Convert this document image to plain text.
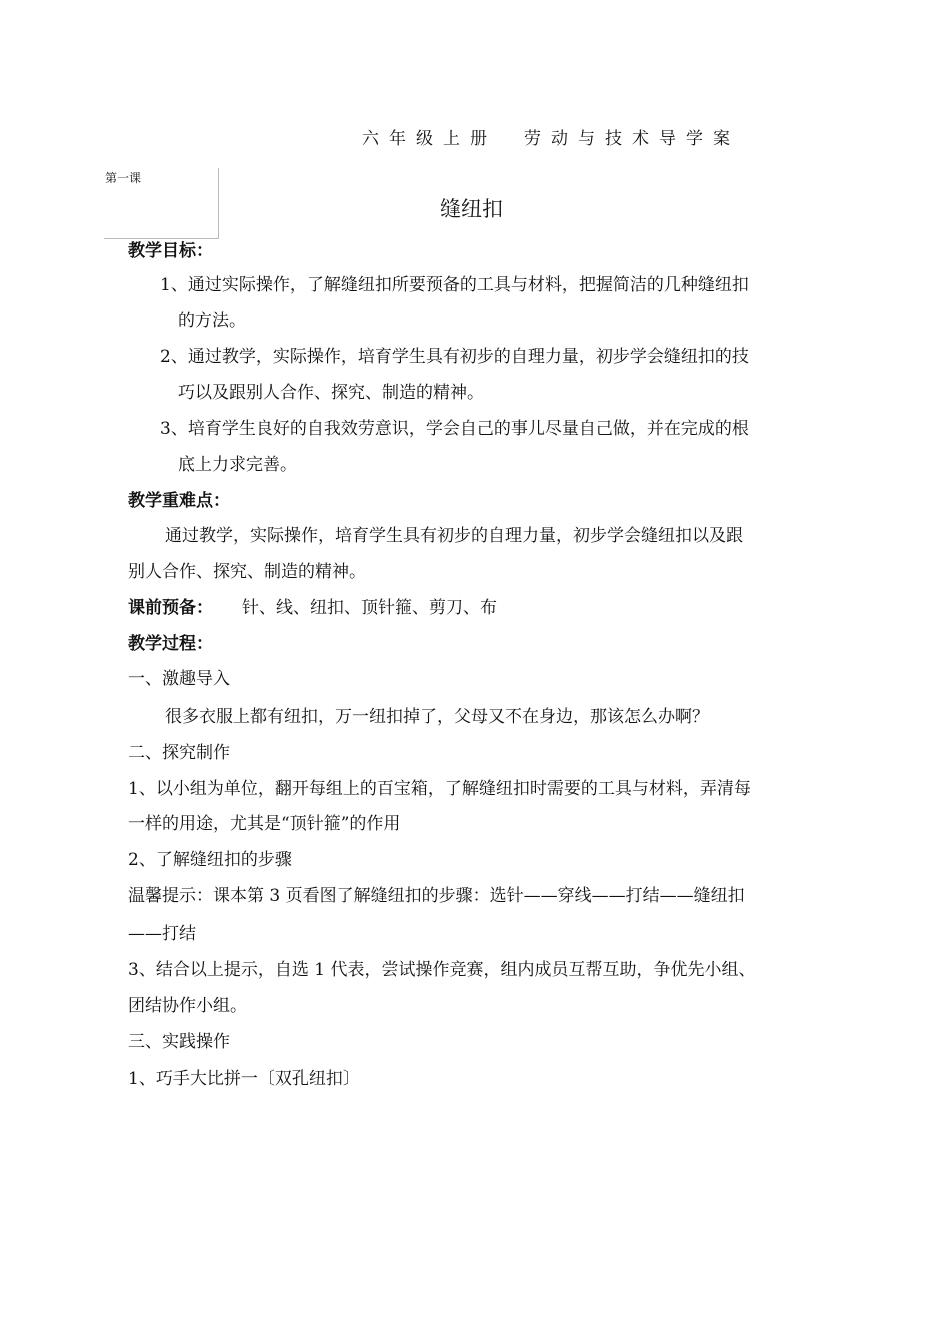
六年级上册　劳动与技术导学案
第一课
缝纽扣
教学目标：
1、通过实际操作，了解缝纽扣所要预备的工具与材料，把握简洁的几种缝纽扣
的方法。
2、通过教学，实际操作，培育学生具有初步的自理力量，初步学会缝纽扣的技
巧以及跟别人合作、探究、制造的精神。
3、培育学生良好的自我效劳意识，学会自己的事儿尽量自己做，并在完成的根
底上力求完善。
教学重难点：
通过教学，实际操作，培育学生具有初步的自理力量，初步学会缝纽扣以及跟
别人合作、探究、制造的精神。
课前预备： 针、线、纽扣、顶针箍、剪刀、布
教学过程：
一、激趣导入
很多衣服上都有纽扣，万一纽扣掉了，父母又不在身边，那该怎么办啊？
二、探究制作
1、以小组为单位，翻开每组上的百宝箱，了解缝纽扣时需要的工具与材料，弄清每
一样的用途，尤其是“顶针箍”的作用
2、了解缝纽扣的步骤
温馨提示：课本第 3 页看图了解缝纽扣的步骤：选针——穿线——打结——缝纽扣
——打结
3、结合以上提示，自选 1 代表，尝试操作竞赛，组内成员互帮互助，争优先小组、
团结协作小组。
三、实践操作
1、巧手大比拼一〔双孔纽扣〕
